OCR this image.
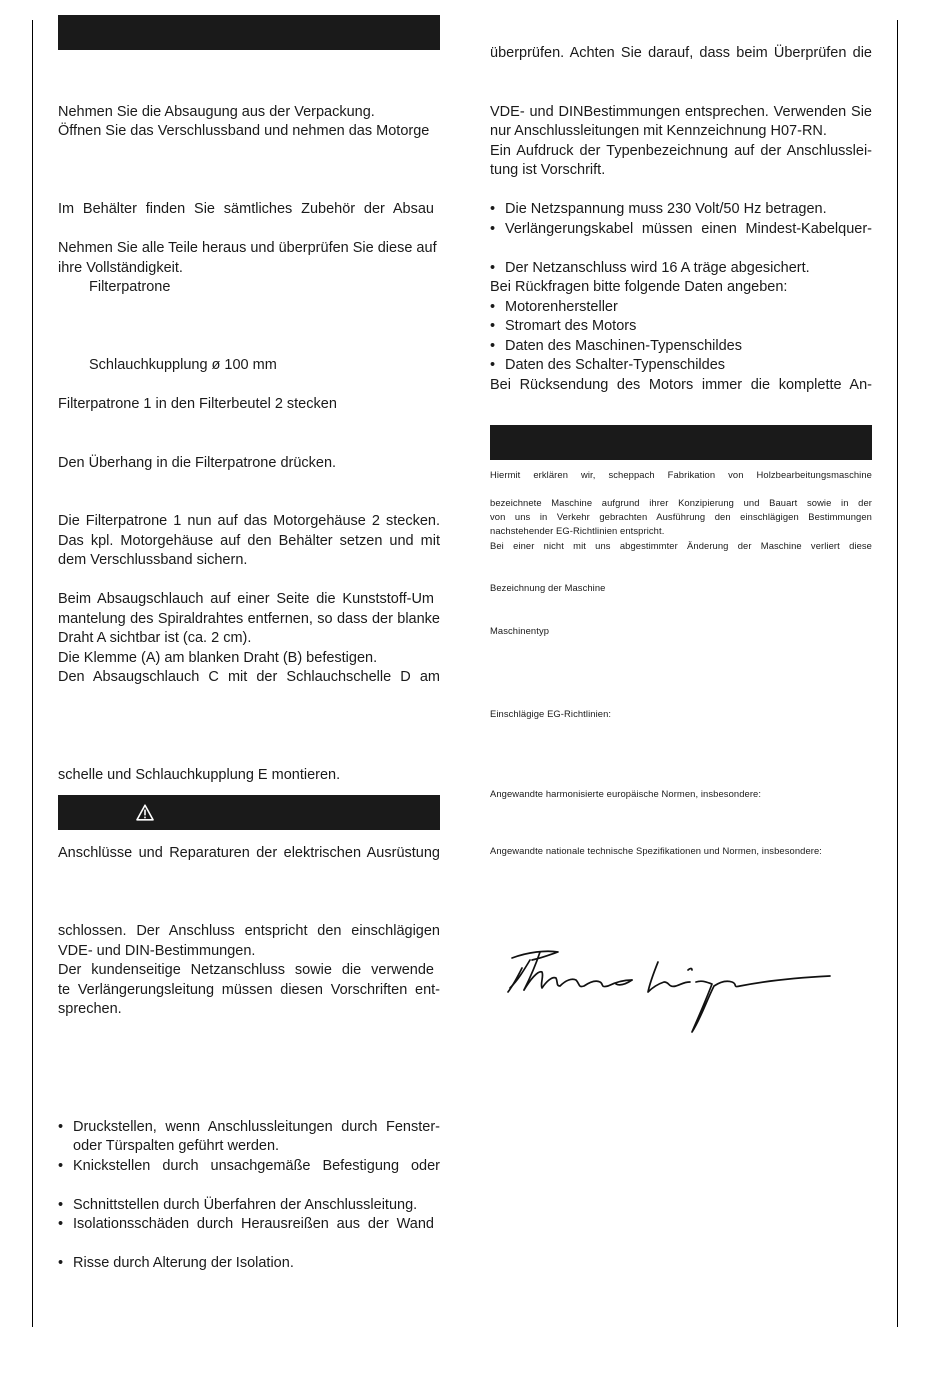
Nehmen Sie die Absaugung aus der Verpackung.
Öffnen Sie das Verschlussband und nehmen das Motorge
Im Behälter finden Sie sämtliches Zubehör der Absau
Nehmen Sie alle Teile heraus und überprüfen Sie diese auf
ihre Vollständigkeit.
Filterpatrone
Schlauchkupplung ø 100 mm
Filterpatrone 1 in den Filterbeutel 2 stecken
Den Überhang in die Filterpatrone drücken.
Die Filterpatrone 1 nun auf das Motorgehäuse 2 stecken.
Das kpl. Motorgehäuse auf den Behälter setzen und mit
dem Verschlussband sichern.
Beim Absaugschlauch auf einer Seite die Kunststoff-Um
mantelung des Spiraldrahtes entfernen, so dass der blanke
Draht A sichtbar ist (ca. 2 cm).
Die Klemme (A) am blanken Draht (B) befestigen.
Den Absaugschlauch C mit der Schlauchschelle D am
schelle und Schlauchkupplung E montieren.
Anschlüsse und Reparaturen der elektrischen Ausrüstung
schlossen. Der Anschluss entspricht den einschlägigen
VDE- und DIN-Bestimmungen.
Der kundenseitige Netzanschluss sowie die verwende
te Verlängerungsleitung müssen diesen Vorschriften ent-
sprechen.
• Druckstellen, wenn Anschlussleitungen durch Fenster-
oder Türspalten geführt werden.
• Knickstellen durch unsachgemäße Befestigung oder
• Schnittstellen durch Überfahren der Anschlussleitung.
• Isolationsschäden durch Herausreißen aus der Wand
• Risse durch Alterung der Isolation.
überprüfen. Achten Sie darauf, dass beim Überprüfen die
VDE- und DINBestimmungen entsprechen. Verwenden Sie
nur Anschlussleitungen mit Kennzeichnung H07-RN.
Ein Aufdruck der Typenbezeichnung auf der Anschlusslei-
tung ist Vorschrift.
• Die Netzspannung muss 230 Volt/50 Hz betragen.
• Verlängerungskabel müssen einen Mindest-Kabelquer-
• Der Netzanschluss wird 16 A träge abgesichert.
Bei Rückfragen bitte folgende Daten angeben:
• Motorenhersteller
• Stromart des Motors
• Daten des Maschinen-Typenschildes
• Daten des Schalter-Typenschildes
Bei Rücksendung des Motors immer die komplette An-
Hiermit erklären wir, scheppach Fabrikation von Holzbearbeitungsmaschine
bezeichnete Maschine aufgrund ihrer Konzipierung und Bauart sowie in der
von uns in Verkehr gebrachten Ausführung den einschlägigen Bestimmungen
nachstehender EG-Richtlinien entspricht.
Bei einer nicht mit uns abgestimmter Änderung der Maschine verliert diese
Bezeichnung der Maschine
Maschinentyp
Einschlägige EG-Richtlinien:
Angewandte harmonisierte europäische Normen, insbesondere:
Angewandte nationale technische Spezifikationen und Normen, insbesondere:
